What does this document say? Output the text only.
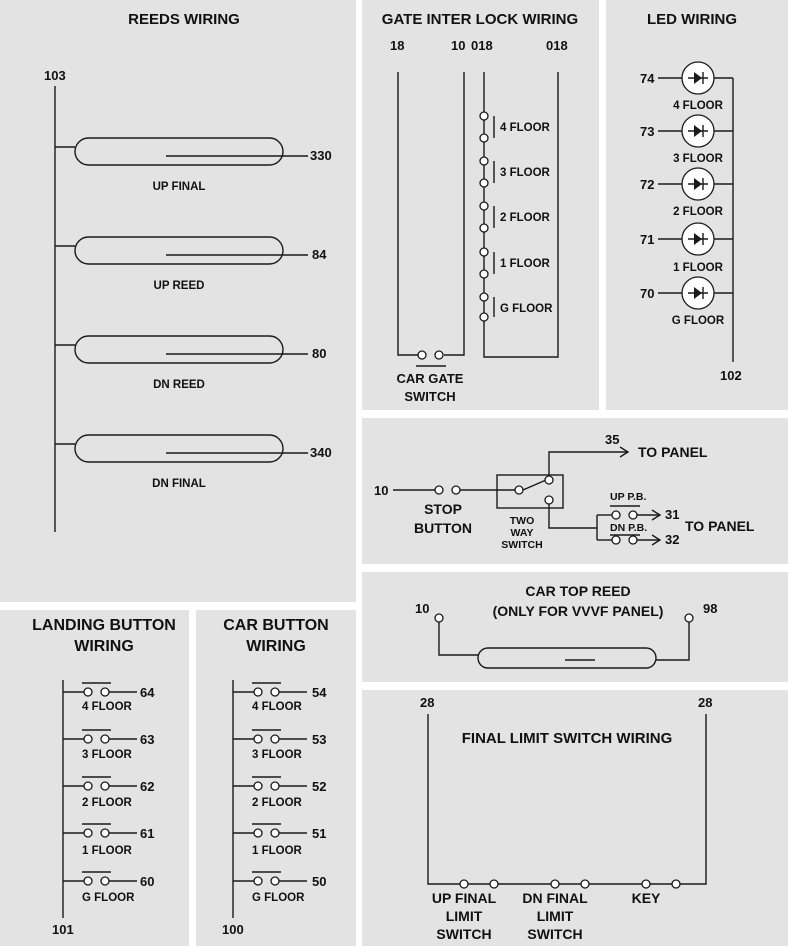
REEDS WIRING
103
330
UP FINAL
84
UP REED
80
DN REED
340
DN FINAL
GATE INTER LOCK WIRING
18	10 018	018
CAR GATE
SWITCH
4 FLOOR
3 FLOOR
2 FLOOR
1 FLOOR
G FLOOR
LED WIRING
102
74
4 FLOOR
73
3 FLOOR
72
2 FLOOR
71
1 FLOOR
70
G FLOOR
10
STOP
BUTTON	TWO
WAY
SWITCH
35
TO PANEL
UP P.B.
DN P.B.
31
32
TO PANEL
CAR TOP REED
(ONLY FOR VVVF PANEL)
10	98
LANDING BUTTON
WIRING
101
64
4 FLOOR
63
3 FLOOR
62
2 FLOOR
61
1 FLOOR
60
G FLOOR
CAR BUTTON
WIRING
100
54
4 FLOOR
53
3 FLOOR
52
2 FLOOR
51
1 FLOOR
50
G FLOOR
FINAL LIMIT SWITCH WIRING
28	28
UP FINAL
LIMIT
SWITCH
DN FINAL
LIMIT
SWITCH
KEY
